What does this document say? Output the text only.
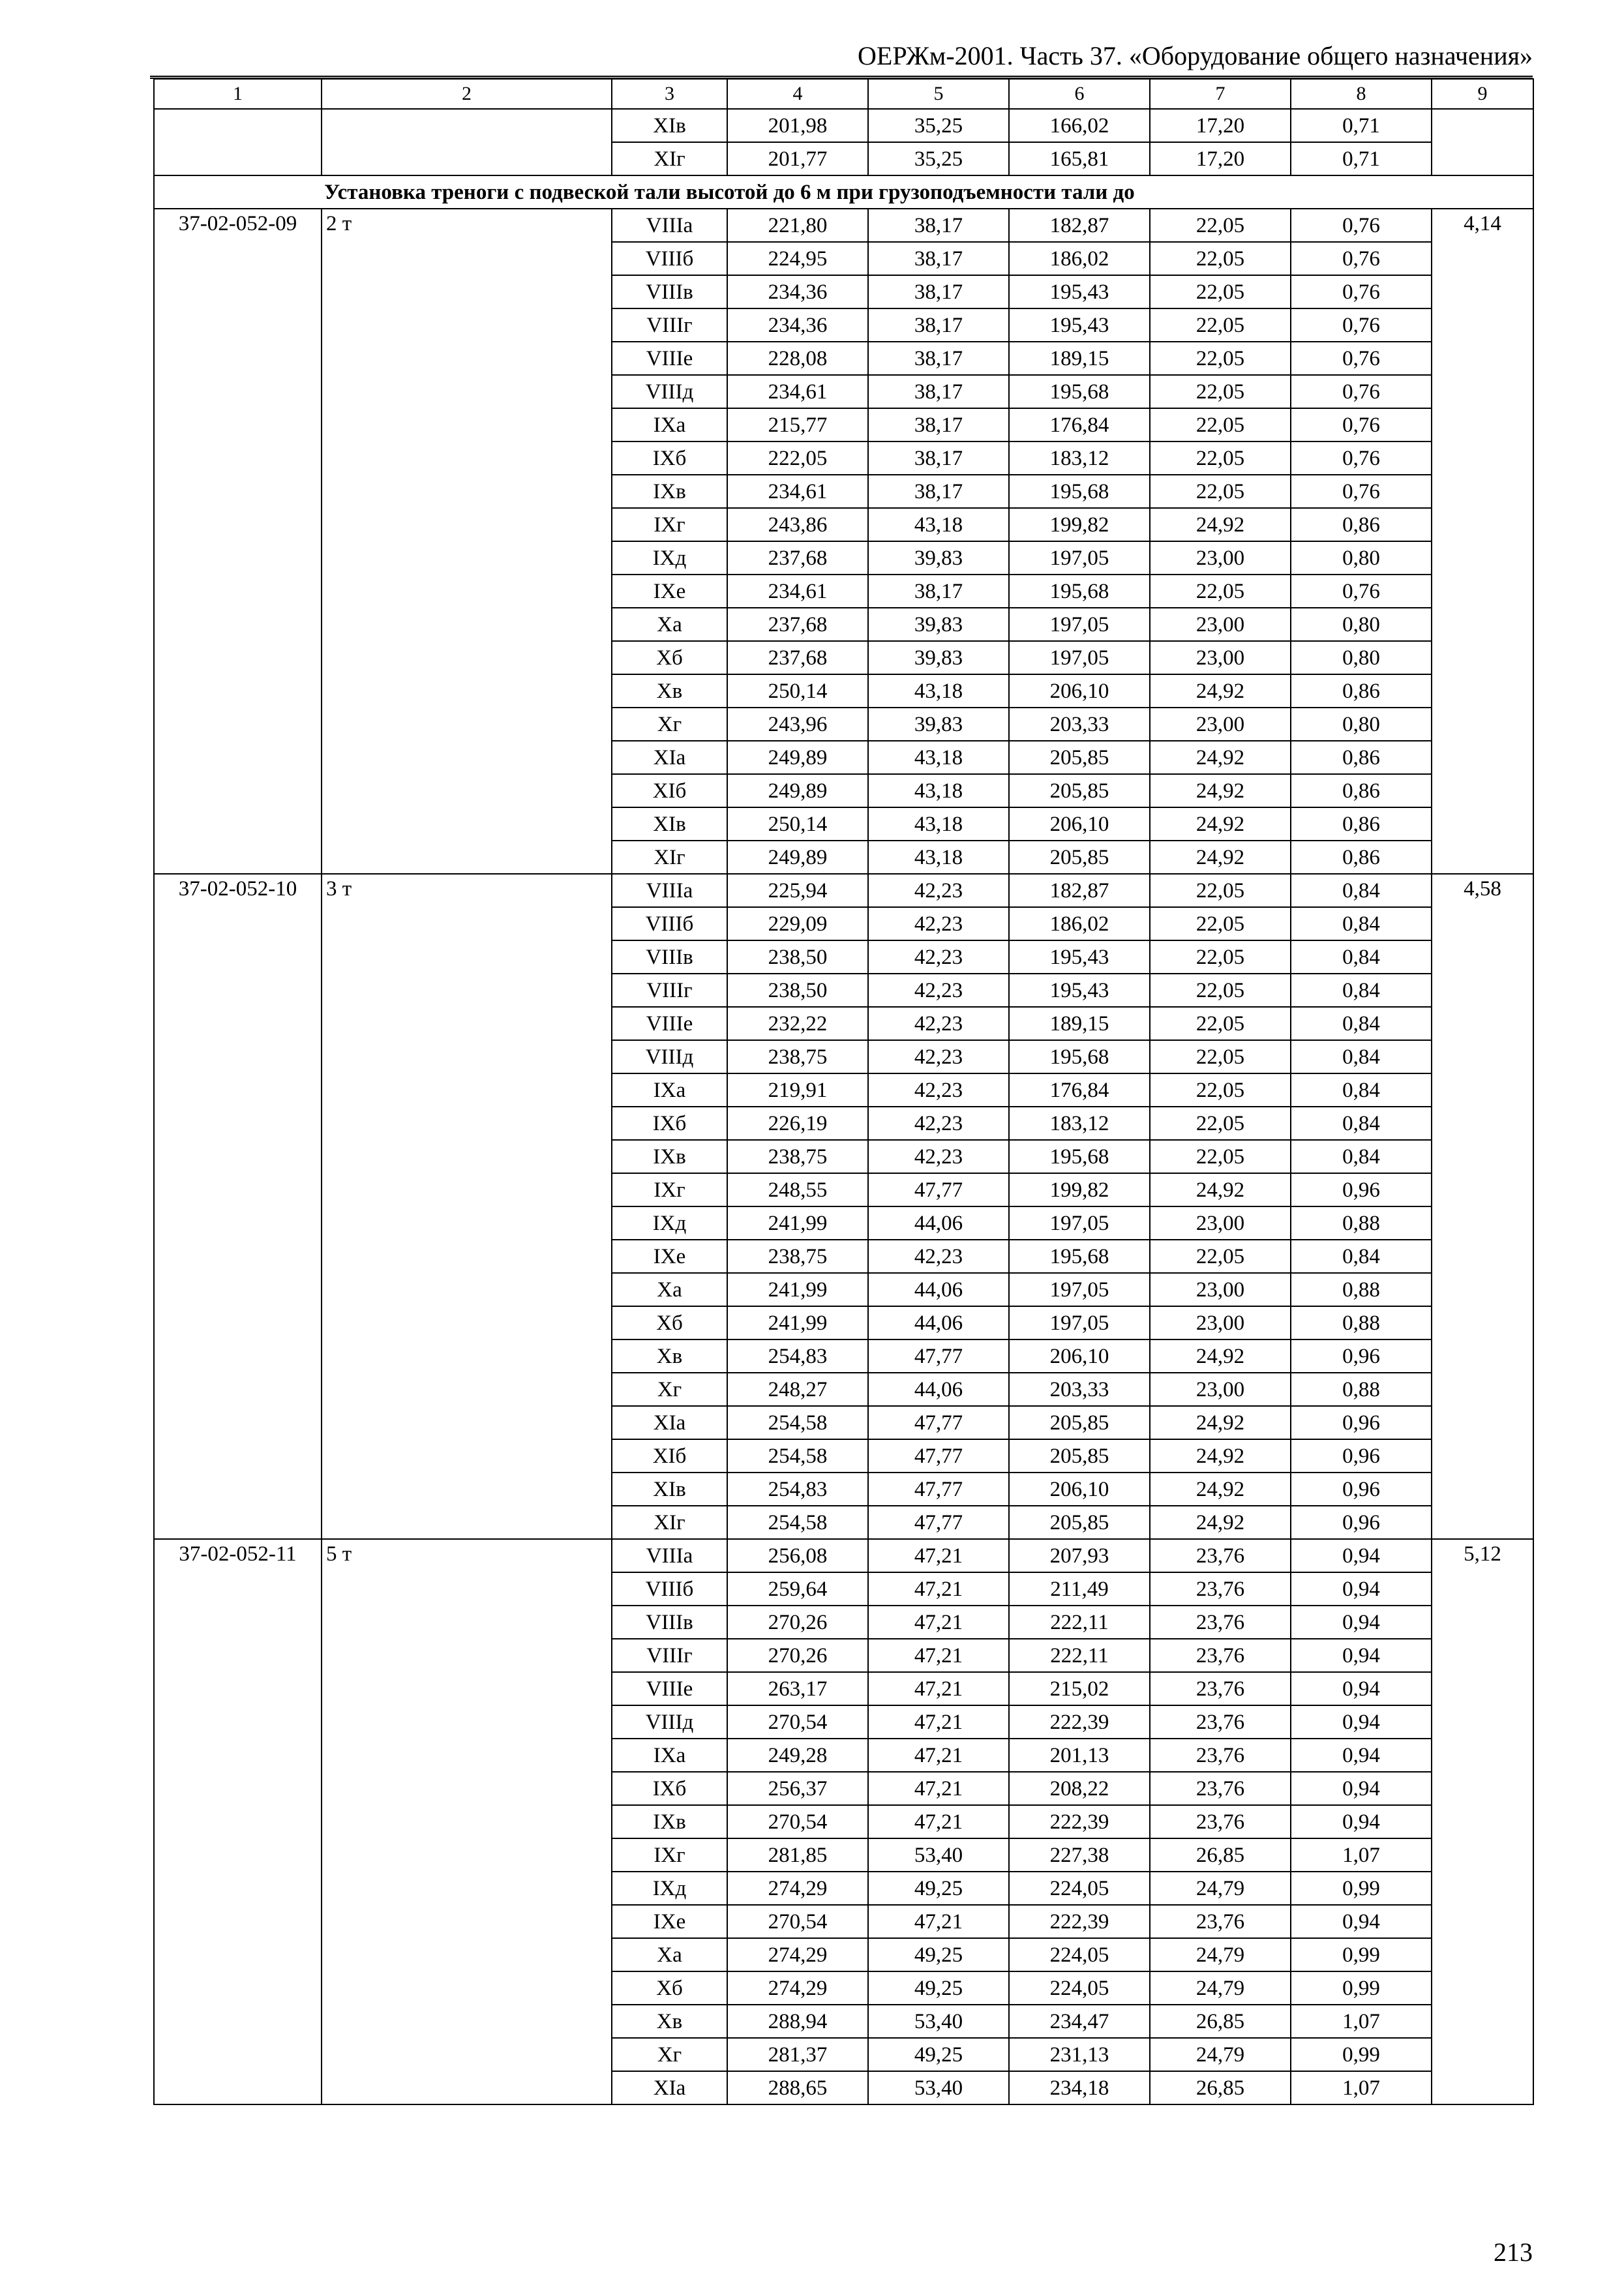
ОЕРЖм-2001. Часть 37. «Оборудование общего назначения»
1	2	3	4	5	6	7	8	9
		XIв	201,98	35,25	166,02	17,20	0,71	
		XIг	201,77	35,25	165,81	17,20	0,71	
Установка треноги с подвеской тали высотой до 6 м при грузоподъемности тали до								
37-02-052-09	2 т	VIIIа	221,80	38,17	182,87	22,05	0,76	4,14
		VIIIб	224,95	38,17	186,02	22,05	0,76	
		VIIIв	234,36	38,17	195,43	22,05	0,76	
		VIIIг	234,36	38,17	195,43	22,05	0,76	
		VIIIе	228,08	38,17	189,15	22,05	0,76	
		VIIIд	234,61	38,17	195,68	22,05	0,76	
		IXа	215,77	38,17	176,84	22,05	0,76	
		IXб	222,05	38,17	183,12	22,05	0,76	
		IXв	234,61	38,17	195,68	22,05	0,76	
		IXг	243,86	43,18	199,82	24,92	0,86	
		IXд	237,68	39,83	197,05	23,00	0,80	
		IXе	234,61	38,17	195,68	22,05	0,76	
		Xа	237,68	39,83	197,05	23,00	0,80	
		Xб	237,68	39,83	197,05	23,00	0,80	
		Xв	250,14	43,18	206,10	24,92	0,86	
		Xг	243,96	39,83	203,33	23,00	0,80	
		XIа	249,89	43,18	205,85	24,92	0,86	
		XIб	249,89	43,18	205,85	24,92	0,86	
		XIв	250,14	43,18	206,10	24,92	0,86	
		XIг	249,89	43,18	205,85	24,92	0,86	
37-02-052-10	3 т	VIIIа	225,94	42,23	182,87	22,05	0,84	4,58
		VIIIб	229,09	42,23	186,02	22,05	0,84	
		VIIIв	238,50	42,23	195,43	22,05	0,84	
		VIIIг	238,50	42,23	195,43	22,05	0,84	
		VIIIе	232,22	42,23	189,15	22,05	0,84	
		VIIIд	238,75	42,23	195,68	22,05	0,84	
		IXа	219,91	42,23	176,84	22,05	0,84	
		IXб	226,19	42,23	183,12	22,05	0,84	
		IXв	238,75	42,23	195,68	22,05	0,84	
		IXг	248,55	47,77	199,82	24,92	0,96	
		IXд	241,99	44,06	197,05	23,00	0,88	
		IXе	238,75	42,23	195,68	22,05	0,84	
		Xа	241,99	44,06	197,05	23,00	0,88	
		Xб	241,99	44,06	197,05	23,00	0,88	
		Xв	254,83	47,77	206,10	24,92	0,96	
		Xг	248,27	44,06	203,33	23,00	0,88	
		XIа	254,58	47,77	205,85	24,92	0,96	
		XIб	254,58	47,77	205,85	24,92	0,96	
		XIв	254,83	47,77	206,10	24,92	0,96	
		XIг	254,58	47,77	205,85	24,92	0,96	
37-02-052-11	5 т	VIIIа	256,08	47,21	207,93	23,76	0,94	5,12
		VIIIб	259,64	47,21	211,49	23,76	0,94	
		VIIIв	270,26	47,21	222,11	23,76	0,94	
		VIIIг	270,26	47,21	222,11	23,76	0,94	
		VIIIе	263,17	47,21	215,02	23,76	0,94	
		VIIIд	270,54	47,21	222,39	23,76	0,94	
		IXа	249,28	47,21	201,13	23,76	0,94	
		IXб	256,37	47,21	208,22	23,76	0,94	
		IXв	270,54	47,21	222,39	23,76	0,94	
		IXг	281,85	53,40	227,38	26,85	1,07	
		IXд	274,29	49,25	224,05	24,79	0,99	
		IXе	270,54	47,21	222,39	23,76	0,94	
		Xа	274,29	49,25	224,05	24,79	0,99	
		Xб	274,29	49,25	224,05	24,79	0,99	
		Xв	288,94	53,40	234,47	26,85	1,07	
		Xг	281,37	49,25	231,13	24,79	0,99	
		XIа	288,65	53,40	234,18	26,85	1,07	
213
